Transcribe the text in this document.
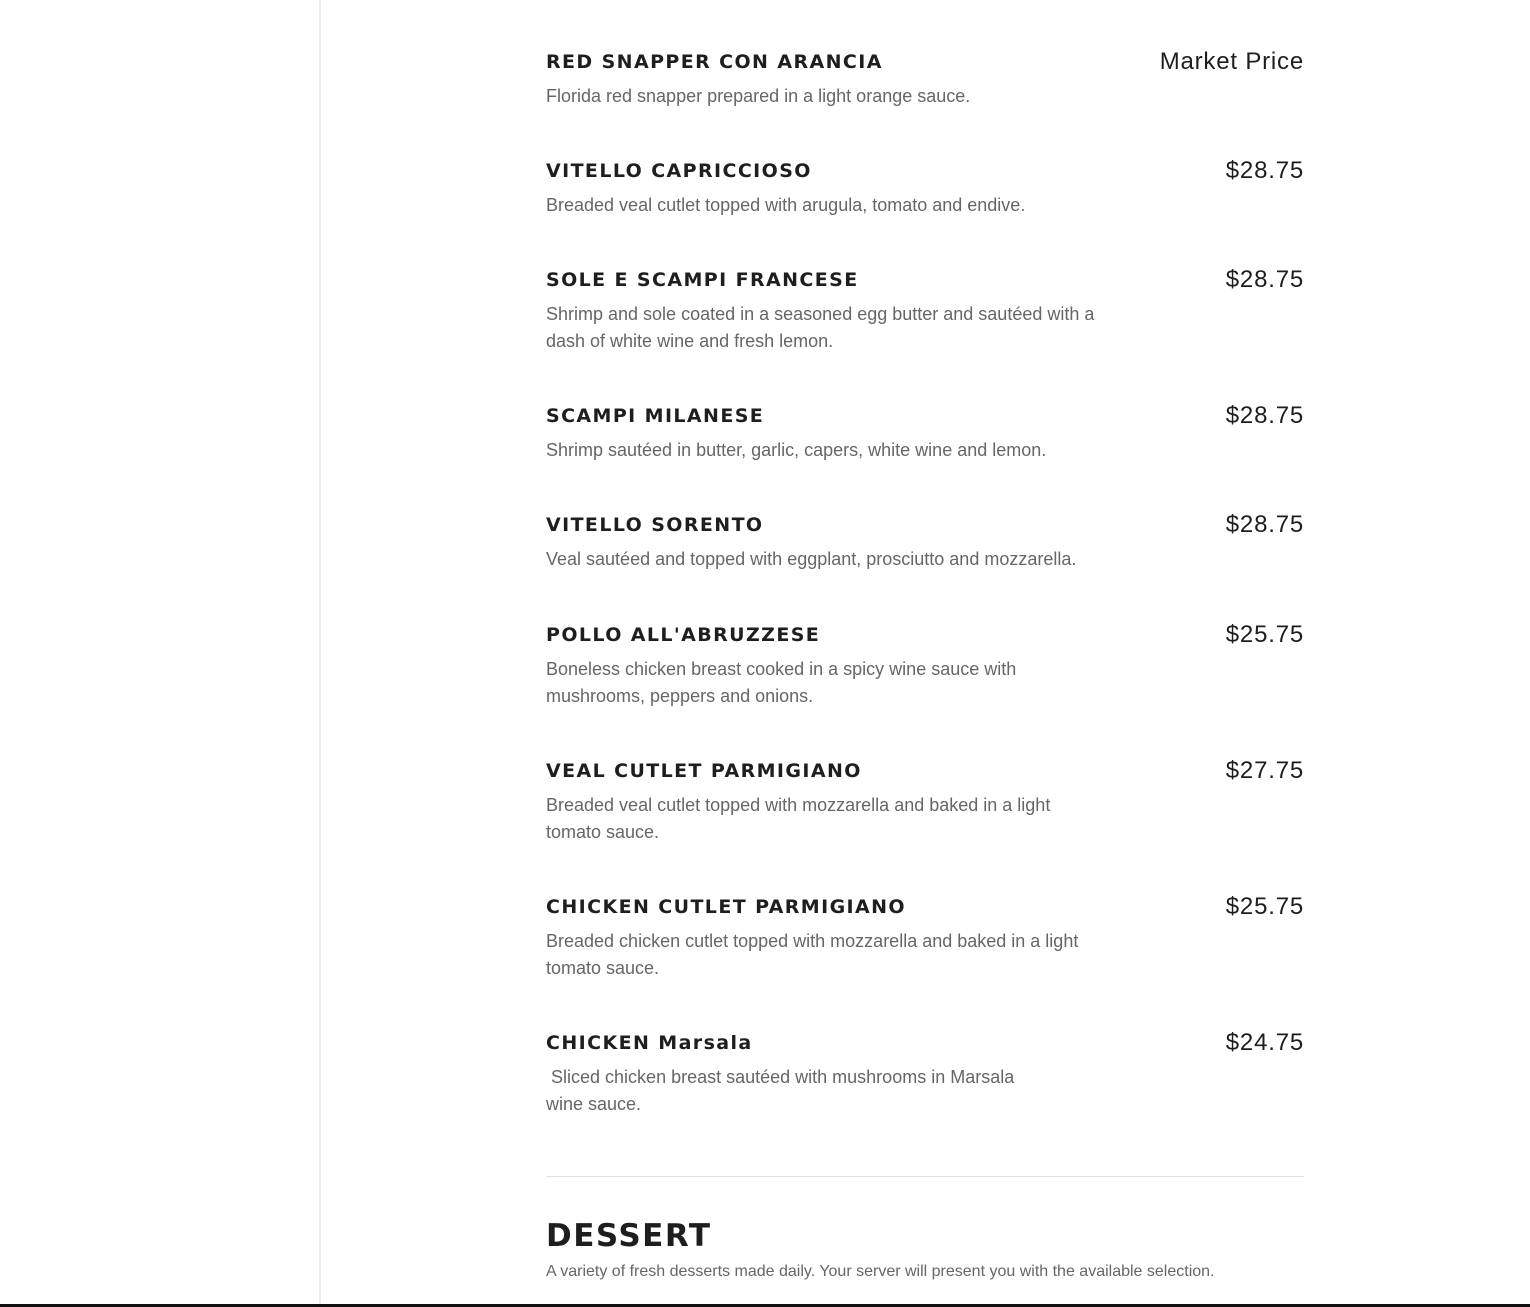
RED SNAPPER CON ARANCIA	Market Price
Florida red snapper prepared in a light orange sauce.
VITELLO CAPRICCIOSO	$28.75
Breaded veal cutlet topped with arugula, tomato and endive.
SOLE E SCAMPI FRANCESE	$28.75
Shrimp and sole coated in a seasoned egg butter and sautéed with a dash of white wine and fresh lemon.
SCAMPI MILANESE	$28.75
Shrimp sautéed in butter, garlic, capers, white wine and lemon.
VITELLO SORENTO	$28.75
Veal sautéed and topped with eggplant, prosciutto and mozzarella.
POLLO ALL'ABRUZZESE	$25.75
Boneless chicken breast cooked in a spicy wine sauce with mushrooms, peppers and onions.
VEAL CUTLET PARMIGIANO	$27.75
Breaded veal cutlet topped with mozzarella and baked in a light tomato sauce.
CHICKEN CUTLET PARMIGIANO	$25.75
Breaded chicken cutlet topped with mozzarella and baked in a light tomato sauce.
CHICKEN Marsala	$24.75
Sliced chicken breast sautéed with mushrooms in Marsala wine sauce.
DESSERT
A variety of fresh desserts made daily. Your server will present you with the available selection.
